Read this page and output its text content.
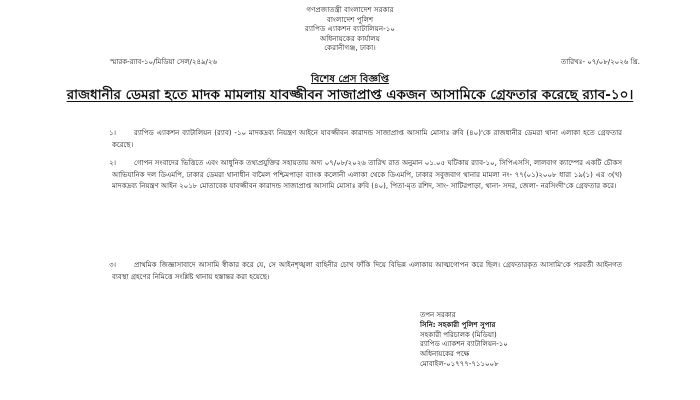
গণপ্রজাতন্ত্রী বাংলাদেশ সরকার
বাংলাদেশ পুলিশ
র‍্যাপিড এ্যাকশন ব্যাটালিয়ন-১০
অধিনায়কের কার্যালয়
কেরানীগঞ্জ, ঢাকা।
স্মারক-র‍্যাব-১০/মিডিয়া সেল/২৪৯/২৬	তারিখঃ- ০৭/০৮/২০২৬ খ্রি.
বিশেষ প্রেস বিজ্ঞপ্তি
রাজধানীর ডেমরা হতে মাদক মামলায় যাবজ্জীবন সাজাপ্রাপ্ত একজন আসামিকে গ্রেফতার করেছে র‍্যাব-১০।
১।	র‍্যাপিড এ্যাকশন ব্যাটালিয়ন (র‍্যাব) -১০ মাদকদ্রব্য নিয়ন্ত্রণ আইনে যাবজ্জীবন কারাদন্ড সাজাপ্রাপ্ত আসামি মোসাঃ রুবি (৪০)'কে রাজধানীর ডেমরা থানা এলাকা হতে গ্রেফতার করেছে।
২।	গোপন সংবাদের ভিত্তিতে এবং আধুনিক তথ্যপ্রযুক্তির সহায়তায় অদ্য ০৭/০৮/২০২৬ তারিখ রাত অনুমান ০১.০৫ ঘটিকায় র‍্যাব-১০, সিপিএসসি, লালবাগ ক্যাম্পের একটি চৌকস আভিযানিক দল ডিএমপি, ঢাকার ডেমরা থানাধীন বামৈল পশ্চিমপাড়া ব্যাংক কলোনী এলাকা থেকে ডিএমপি, ঢাকার সবুজবাগ থানার মামলা নং- ৭৭(০১)২০০৮ ধারা ১৯(১) এর ৩(খ) মাদকদ্রব্য নিয়ন্ত্রণ আইন ২০১৮ মোতাবেক যাবজ্জীবন কারাদন্ড সাজাপ্রাপ্ত আসামি মোসাঃ রুবি (৪০), পিতা-মৃত রশিদ, সাং- সাটিরপাড়া, থানা- সদর, জেলা- নরসিংদী'কে গ্রেফতার করে।
৩।	প্রাথমিক জিজ্ঞাসাবাদে আসামি স্বীকার করে যে, সে আইনশৃঙ্খলা বাহিনীর চোখ ফাঁকি দিয়ে বিভিন্ন এলাকায় আত্মগোপন করে ছিল। গ্রেফতারকৃত আসামি'কে পরবর্তী আইনগত ব্যবস্থা গ্রহণের নিমিত্তে সংশ্লিষ্ট থানায় হস্তান্তর করা হয়েছে।
তপন সরকার
সিনি: সহকারী পুলিশ সুপার
সহকারী পরিচালক (মিডিয়া)
র‍্যাপিড এ্যাকশন ব্যাটালিয়ন-১০
অধিনায়কের পক্ষে
মোবাইল-০১৭৭৭-৭১১০০৮
